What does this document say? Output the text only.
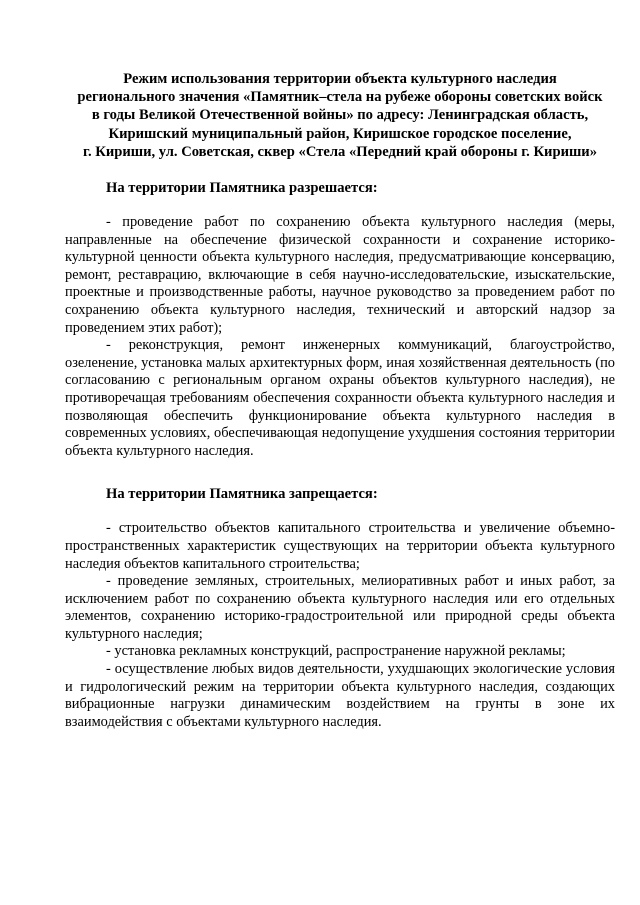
Режим использования территории объекта культурного наследия
регионального значения «Памятник–стела на рубеже обороны советских войск
в годы Великой Отечественной войны» по адресу: Ленинградская область,
Киришский муниципальный район, Киришское городское поселение,
г. Кириши, ул. Советская, сквер «Стела «Передний край обороны г. Кириши»

На территории Памятника разрешается:

- проведение работ по сохранению объекта культурного наследия (меры, направленные на обеспечение физической сохранности и сохранение историко-культурной ценности объекта культурного наследия, предусматривающие консервацию, ремонт, реставрацию, включающие в себя научно-исследовательские, изыскательские, проектные и производственные работы, научное руководство за проведением работ по сохранению объекта культурного наследия, технический и авторский надзор за проведением этих работ);

- реконструкция, ремонт инженерных коммуникаций, благоустройство, озеленение, установка малых архитектурных форм, иная хозяйственная деятельность (по согласованию с региональным органом охраны объектов культурного наследия), не противоречащая требованиям обеспечения сохранности объекта культурного наследия и позволяющая обеспечить функционирование объекта культурного наследия в современных условиях, обеспечивающая недопущение ухудшения состояния территории объекта культурного наследия.

На территории Памятника запрещается:

- строительство объектов капитального строительства и увеличение объемно-пространственных характеристик существующих на территории объекта культурного наследия объектов капитального строительства;

- проведение земляных, строительных, мелиоративных работ и иных работ, за исключением работ по сохранению объекта культурного наследия или его отдельных элементов, сохранению историко-градостроительной или природной среды объекта культурного наследия;

- установка рекламных конструкций, распространение наружной рекламы;

- осуществление любых видов деятельности, ухудшающих экологические условия и гидрологический режим на территории объекта культурного наследия, создающих вибрационные нагрузки динамическим воздействием на грунты в зоне их взаимодействия с объектами культурного наследия.
